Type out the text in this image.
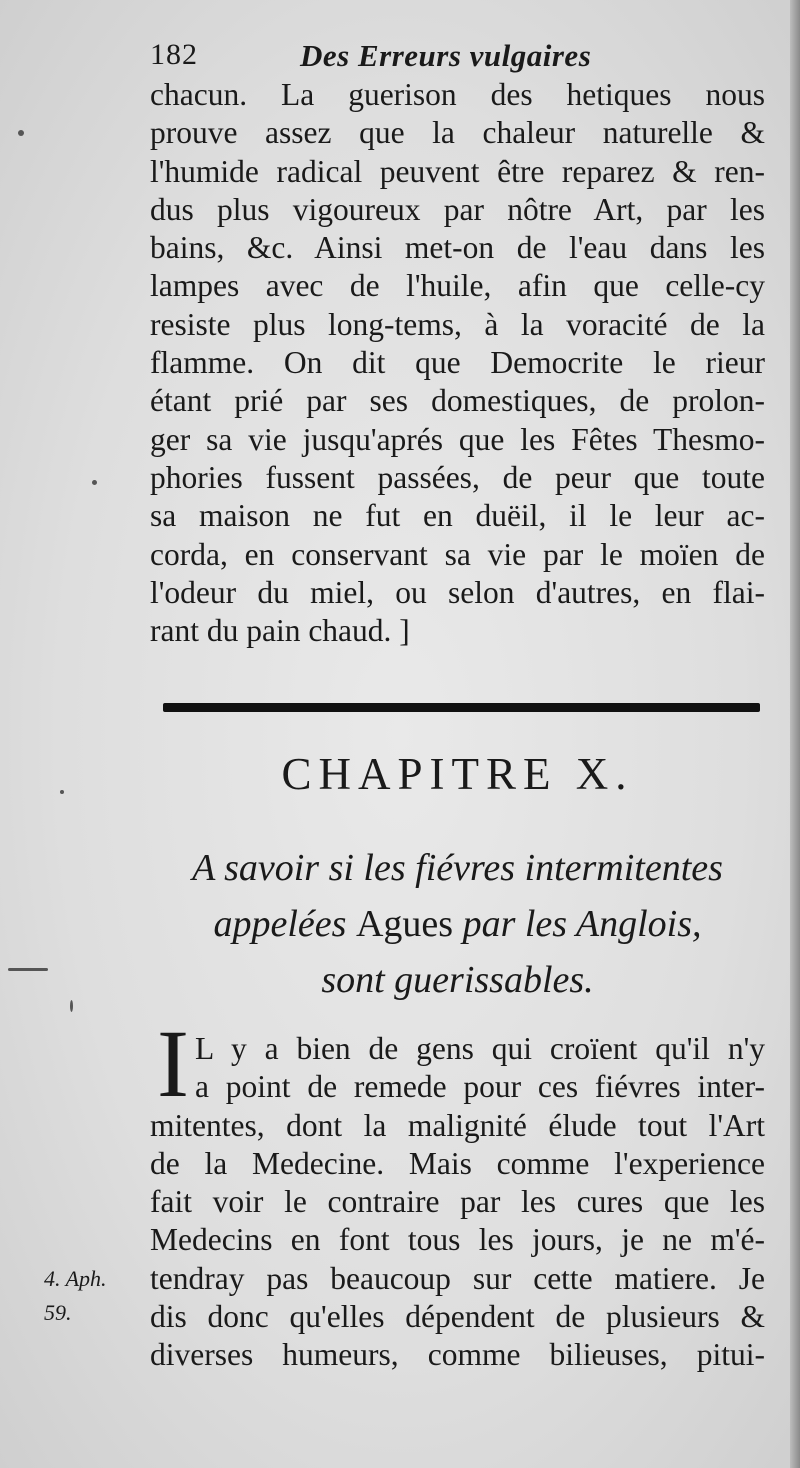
182	Des Erreurs vulgaires
chacun. La guerison des hetiques nous
prouve assez que la chaleur naturelle &
l'humide radical peuvent être reparez & ren-
dus plus vigoureux par nôtre Art, par les
bains, &c. Ainsi met-on de l'eau dans les
lampes avec de l'huile, afin que celle-cy
resiste plus long-tems, à la voracité de la
flamme. On dit que Democrite le rieur
étant prié par ses domestiques, de prolon-
ger sa vie jusqu'aprés que les Fêtes Thesmo-
phories fussent passées, de peur que toute
sa maison ne fut en duëil, il le leur ac-
corda, en conservant sa vie par le moïen de
l'odeur du miel, ou selon d'autres, en flai-
rant du pain chaud. ]
CHAPITRE X.
A savoir si les fiévres intermitentes
appelées Agues par les Anglois,
sont guerissables.
I L y a bien de gens qui croïent qu'il n'y
a point de remede pour ces fiévres inter-
mitentes, dont la malignité élude tout l'Art
de la Medecine. Mais comme l'experience
fait voir le contraire par les cures que les
Medecins en font tous les jours, je ne m'é-
tendray pas beaucoup sur cette matiere. Je
dis donc qu'elles dépendent de plusieurs &
diverses humeurs, comme bilieuses, pitui-
4. Aph.
59.
